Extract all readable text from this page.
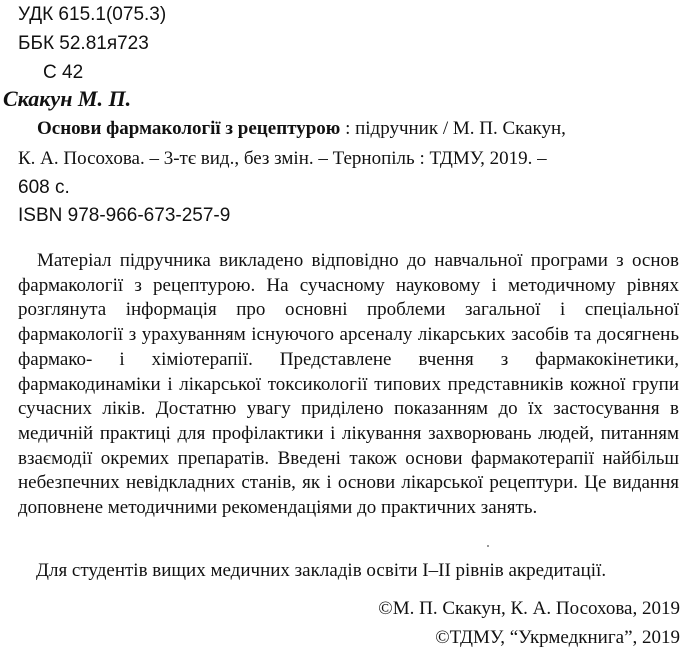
УДК 615.1(075.3)
ББК 52.81я723
С 42
Скакун М. П.
Основи фармакології з рецептурою : підручник / М. П. Скакун,
К. А. Посохова. – 3-тє вид., без змін. – Тернопіль : ТДМУ, 2019. –
608 с.
ISBN 978-966-673-257-9

Матеріал підручника викладено відповідно до навчальної програми з основ фармакології з рецептурою. На сучасному науковому і методичному рівнях розглянута інформація про основні проблеми загальної і спеціальної фармакології з урахуванням існуючого арсеналу лікарських засобів та досягнень фармако- і хіміотерапії. Представлене вчення з фармакокінетики, фармакодинаміки і лікарської токсикології типових представників кожної групи сучасних ліків. Достатню увагу приділено показанням до їх застосування в медичній практиці для профілактики і лікування захворювань людей, питанням взаємодії окремих препаратів. Введені також основи фармакотерапії найбільш небезпечних невідкладних станів, як і основи лікарської рецептури. Це видання доповнене методичними рекомендаціями до практичних занять.

Для студентів вищих медичних закладів освіти І–ІІ рівнів акредитації.
©М. П. Скакун, К. А. Посохова, 2019
©ТДМУ, “Укрмедкнига”, 2019
